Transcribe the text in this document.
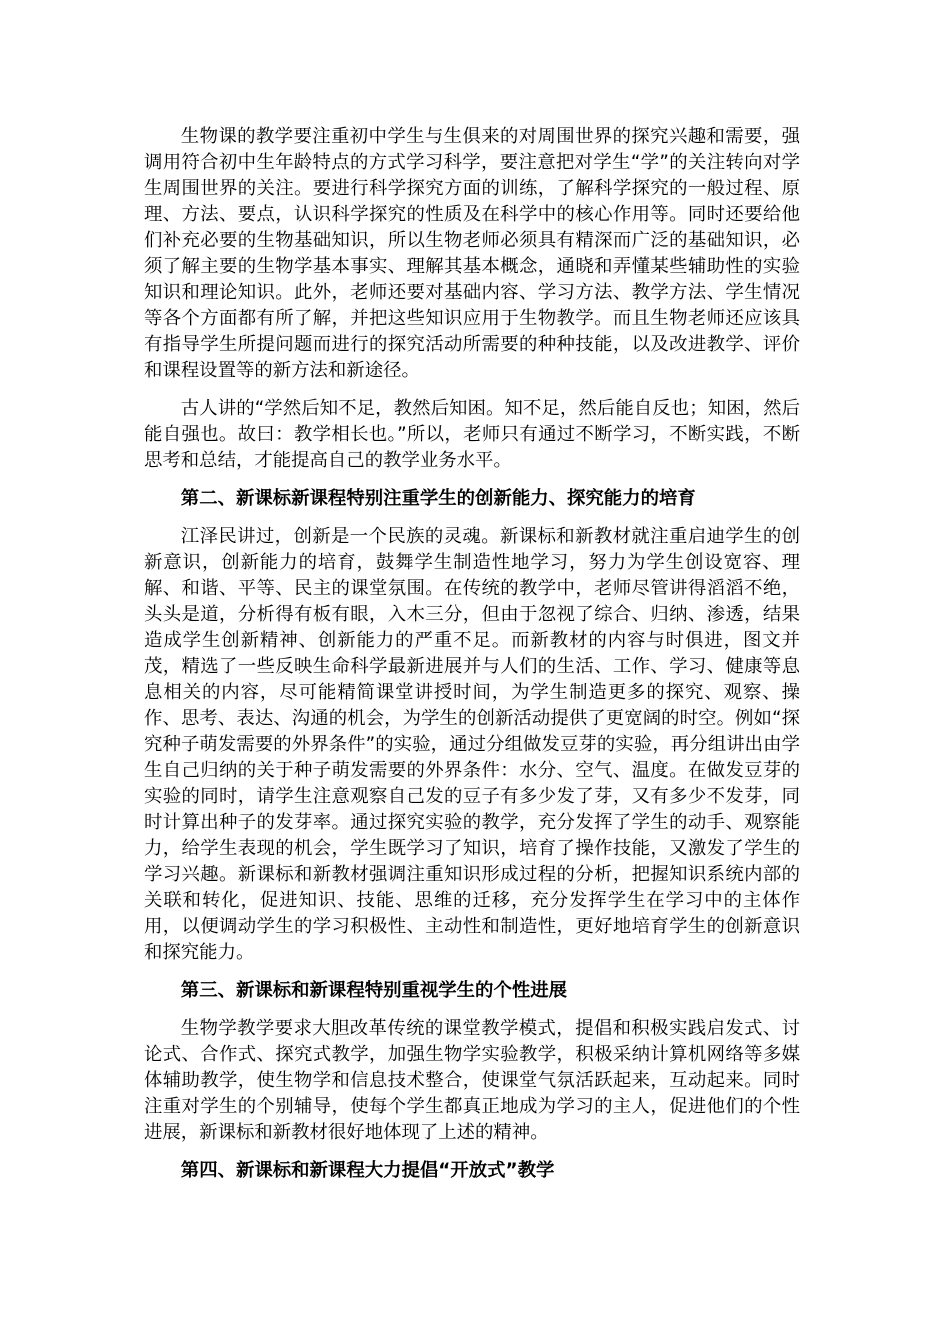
生物课的教学要注重初中学生与生俱来的对周围世界的探究兴趣和需要，强调用符合初中生年龄特点的方式学习科学，要注意把对学生“学”的关注转向对学生周围世界的关注。要进行科学探究方面的训练，了解科学探究的一般过程、原理、方法、要点，认识科学探究的性质及在科学中的核心作用等。同时还要给他们补充必要的生物基础知识，所以生物老师必须具有精深而广泛的基础知识，必须了解主要的生物学基本事实、理解其基本概念，通晓和弄懂某些辅助性的实验知识和理论知识。此外，老师还要对基础内容、学习方法、教学方法、学生情况等各个方面都有所了解，并把这些知识应用于生物教学。而且生物老师还应该具有指导学生所提问题而进行的探究活动所需要的种种技能，以及改进教学、评价和课程设置等的新方法和新途径。

古人讲的“学然后知不足，教然后知困。知不足，然后能自反也；知困，然后能自强也。故曰：教学相长也。”所以，老师只有通过不断学习，不断实践，不断思考和总结，才能提高自己的教学业务水平。

第二、新课标新课程特别注重学生的创新能力、探究能力的培育

江泽民讲过，创新是一个民族的灵魂。新课标和新教材就注重启迪学生的创新意识，创新能力的培育，鼓舞学生制造性地学习，努力为学生创设宽容、理解、和谐、平等、民主的课堂氛围。在传统的教学中，老师尽管讲得滔滔不绝，头头是道，分析得有板有眼，入木三分，但由于忽视了综合、归纳、渗透，结果造成学生创新精神、创新能力的严重不足。而新教材的内容与时俱进，图文并茂，精选了一些反映生命科学最新进展并与人们的生活、工作、学习、健康等息息相关的内容，尽可能精简课堂讲授时间，为学生制造更多的探究、观察、操作、思考、表达、沟通的机会，为学生的创新活动提供了更宽阔的时空。例如“探究种子萌发需要的外界条件”的实验，通过分组做发豆芽的实验，再分组讲出由学生自己归纳的关于种子萌发需要的外界条件：水分、空气、温度。在做发豆芽的实验的同时，请学生注意观察自己发的豆子有多少发了芽，又有多少不发芽，同时计算出种子的发芽率。通过探究实验的教学，充分发挥了学生的动手、观察能力，给学生表现的机会，学生既学习了知识，培育了操作技能，又激发了学生的学习兴趣。新课标和新教材强调注重知识形成过程的分析，把握知识系统内部的关联和转化，促进知识、技能、思维的迁移，充分发挥学生在学习中的主体作用，以便调动学生的学习积极性、主动性和制造性，更好地培育学生的创新意识和探究能力。

第三、新课标和新课程特别重视学生的个性进展

生物学教学要求大胆改革传统的课堂教学模式，提倡和积极实践启发式、讨论式、合作式、探究式教学，加强生物学实验教学，积极采纳计算机网络等多媒体辅助教学，使生物学和信息技术整合，使课堂气氛活跃起来，互动起来。同时注重对学生的个别辅导，使每个学生都真正地成为学习的主人，促进他们的个性进展，新课标和新教材很好地体现了上述的精神。

第四、新课标和新课程大力提倡“开放式”教学
